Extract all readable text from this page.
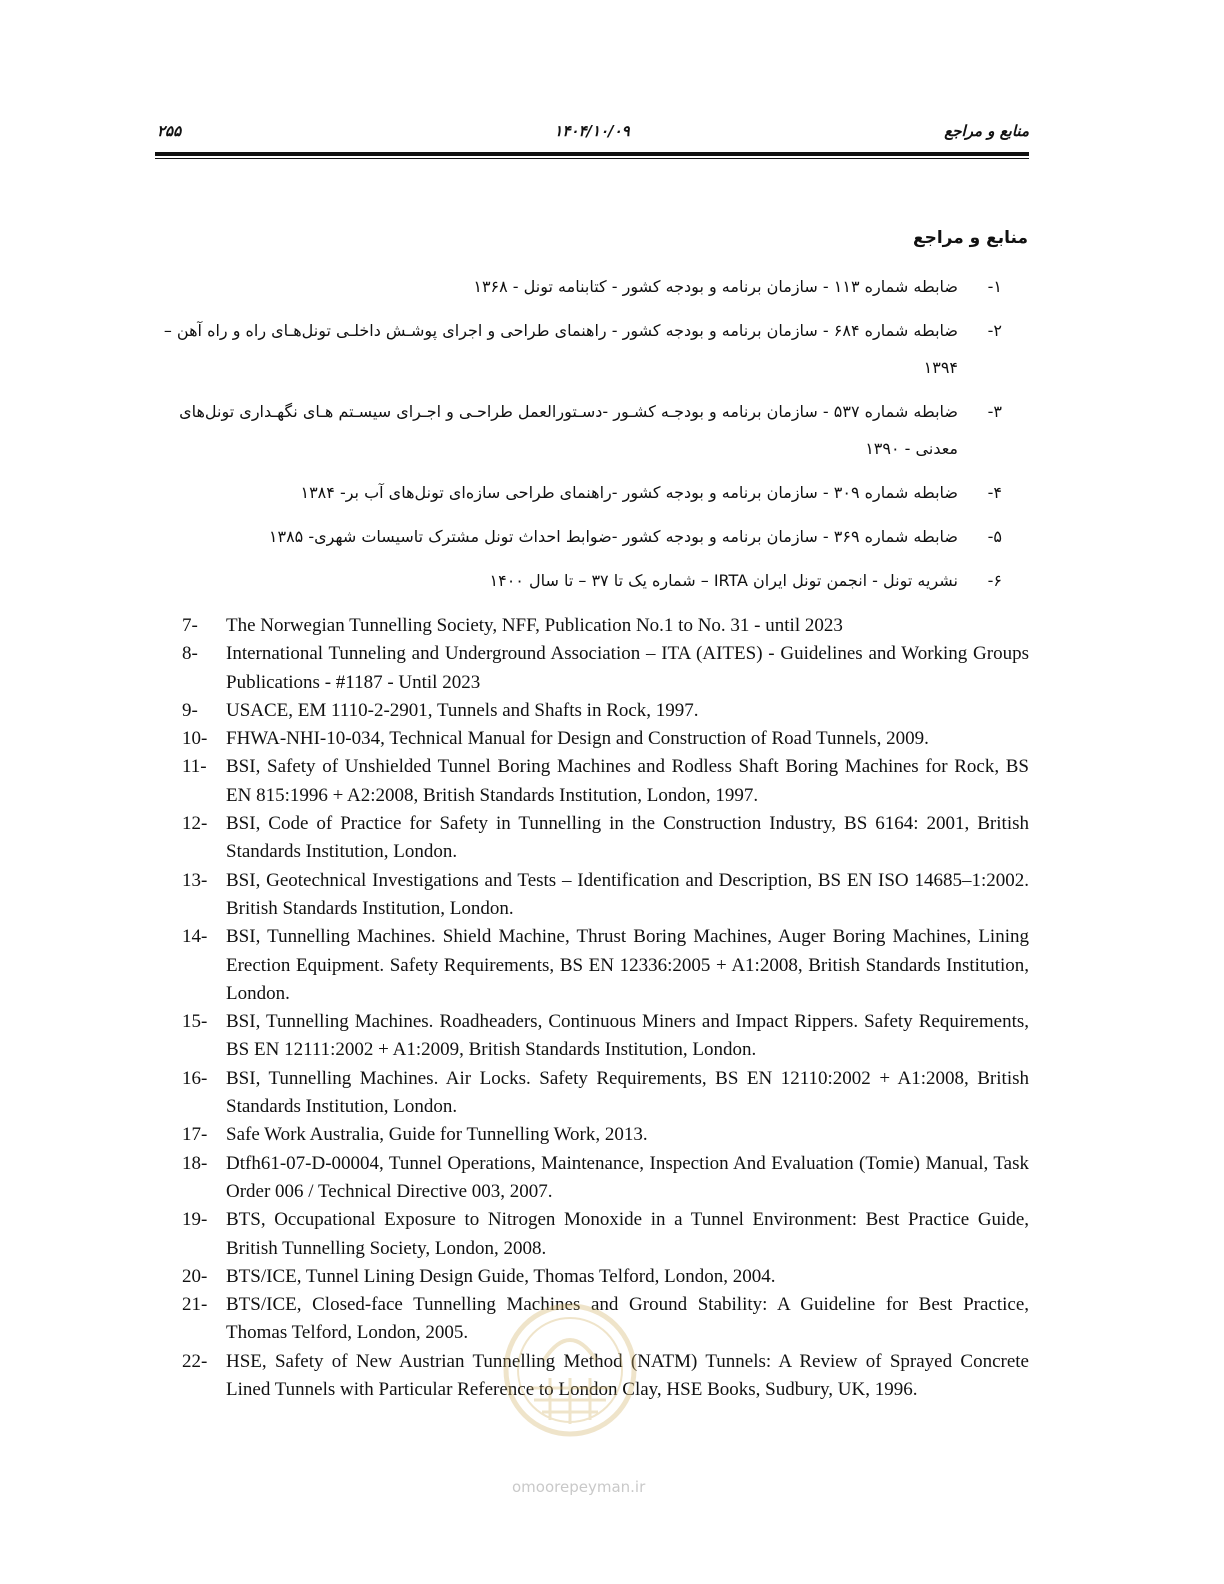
۲۵۵	۱۴۰۴/۱۰/۰۹	منابع و مراجع
منابع و مراجع
۱-
ضابطه شماره ۱۱۳ - سازمان برنامه و بودجه کشور - کتابنامه تونل - ۱۳۶۸
۲-
ضابطه شماره ۶۸۴ - سازمان برنامه و بودجه کشور - راهنمای طراحی و اجرای پوشـش داخلـی تونل‌هـای راه و راه آهن – ۱۳۹۴
۳-
ضابطه شماره ۵۳۷ - سازمان برنامه و بودجـه کشـور -دسـتورالعمل طراحـی و اجـرای سیسـتم هـای نگهـداری تونل‌های معدنی - ۱۳۹۰
۴-
ضابطه شماره ۳۰۹ - سازمان برنامه و بودجه کشور -راهنمای طراحی سازه‌ای تونل‌های آب بر- ۱۳۸۴
۵-
ضابطه شماره ۳۶۹ - سازمان برنامه و بودجه کشور -ضوابط احداث تونل مشترک تاسیسات شهری- ۱۳۸۵
۶-
نشریه تونل - انجمن تونل ایران IRTA – شماره یک تا ۳۷ – تا سال ۱۴۰۰
7- The Norwegian Tunnelling Society, NFF, Publication No.1 to No. 31 - until 2023
8- International Tunneling and Underground Association – ITA (AITES) - Guidelines and Working Groups Publications - #1187 - Until 2023
9- USACE, EM 1110-2-2901, Tunnels and Shafts in Rock, 1997.
10- FHWA-NHI-10-034, Technical Manual for Design and Construction of Road Tunnels, 2009.
11- BSI, Safety of Unshielded Tunnel Boring Machines and Rodless Shaft Boring Machines for Rock, BS EN 815:1996 + A2:2008, British Standards Institution, London, 1997.
12- BSI, Code of Practice for Safety in Tunnelling in the Construction Industry, BS 6164: 2001, British Standards Institution, London.
13- BSI, Geotechnical Investigations and Tests – Identification and Description, BS EN ISO 14685–1:2002. British Standards Institution, London.
14- BSI, Tunnelling Machines. Shield Machine, Thrust Boring Machines, Auger Boring Machines, Lining Erection Equipment. Safety Requirements, BS EN 12336:2005 + A1:2008, British Standards Institution, London.
15- BSI, Tunnelling Machines. Roadheaders, Continuous Miners and Impact Rippers. Safety Requirements, BS EN 12111:2002 + A1:2009, British Standards Institution, London.
16- BSI, Tunnelling Machines. Air Locks. Safety Requirements, BS EN 12110:2002 + A1:2008, British Standards Institution, London.
17- Safe Work Australia, Guide for Tunnelling Work, 2013.
18- Dtfh61-07-D-00004, Tunnel Operations, Maintenance, Inspection And Evaluation (Tomie) Manual, Task Order 006 / Technical Directive 003, 2007.
19- BTS, Occupational Exposure to Nitrogen Monoxide in a Tunnel Environment: Best Practice Guide, British Tunnelling Society, London, 2008.
20- BTS/ICE, Tunnel Lining Design Guide, Thomas Telford, London, 2004.
21- BTS/ICE, Closed-face Tunnelling Machines and Ground Stability: A Guideline for Best Practice, Thomas Telford, London, 2005.
22- HSE, Safety of New Austrian Tunnelling Method (NATM) Tunnels: A Review of Sprayed Concrete Lined Tunnels with Particular Reference to London Clay, HSE Books, Sudbury, UK, 1996.
omoorepeyman.ir
